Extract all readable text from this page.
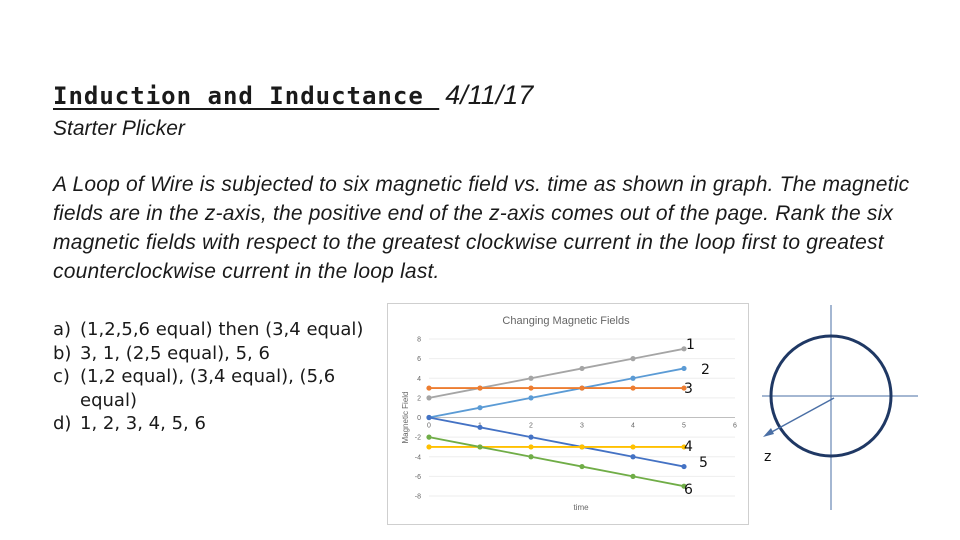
Induction and Inductance 4/11/17
Starter Plicker
A Loop of Wire is subjected to six magnetic field vs. time as shown in graph. The magnetic fields are in the z-axis, the positive end of the z-axis comes out of the page. Rank the six magnetic fields with respect to the greatest clockwise current in the loop first to greatest counterclockwise current in the loop last.
a) (1,2,5,6 equal) then (3,4 equal)
b) 3, 1, (2,5 equal), 5, 6
c) (1,2 equal), (3,4 equal), (5,6 equal)
d) 1, 2, 3, 4, 5, 6
Changing Magnetic Fields
8
6
4
2
0
-2
-4
-6
-8
0	2	3	4	5	6
time
Magnetic Field
1
2
3
4
5
6
z
